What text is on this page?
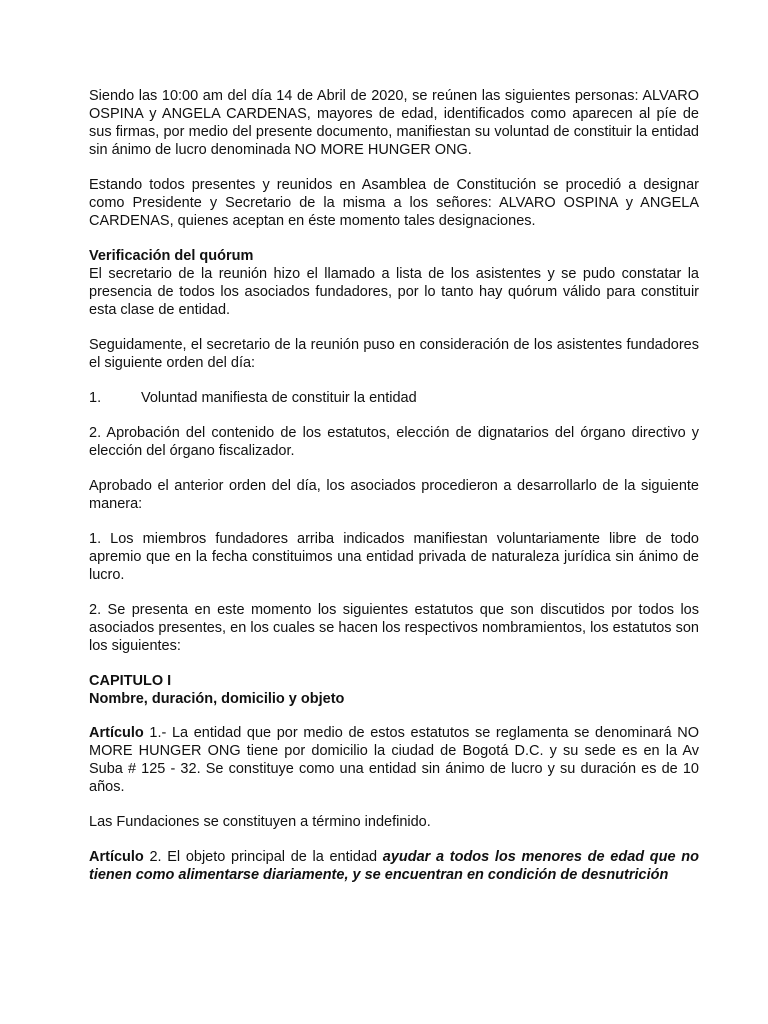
Siendo las 10:00 am del día 14 de Abril de 2020, se reúnen las siguientes personas: ALVARO OSPINA y ANGELA CARDENAS, mayores de edad, identificados como aparecen al píe de sus firmas, por medio del presente documento, manifiestan su voluntad de constituir la entidad sin ánimo de lucro denominada NO MORE HUNGER ONG.

Estando todos presentes y reunidos en Asamblea de Constitución se procedió a designar como Presidente y Secretario de la misma a los señores: ALVARO OSPINA y ANGELA CARDENAS, quienes aceptan en éste momento tales designaciones.

Verificación del quórum
El secretario de la reunión hizo el llamado a lista de los asistentes y se pudo constatar la presencia de todos los asociados fundadores, por lo tanto hay quórum válido para constituir esta clase de entidad.

Seguidamente, el secretario de la reunión puso en consideración de los asistentes fundadores el siguiente orden del día:

1.	Voluntad manifiesta de constituir la entidad

2. Aprobación del contenido de los estatutos, elección de dignatarios del órgano directivo y elección del órgano fiscalizador.

Aprobado el anterior orden del día, los asociados procedieron a desarrollarlo de la siguiente manera:

1. Los miembros fundadores arriba indicados manifiestan voluntariamente libre de todo apremio que en la fecha constituimos una entidad privada de naturaleza jurídica sin ánimo de lucro.

2. Se presenta en este momento los siguientes estatutos que son discutidos por todos los asociados presentes, en los cuales se hacen los respectivos nombramientos, los estatutos son los siguientes:

CAPITULO I
Nombre, duración, domicilio y objeto

Artículo 1.- La entidad que por medio de estos estatutos se reglamenta se denominará NO MORE HUNGER ONG tiene por domicilio la ciudad de Bogotá D.C. y su sede es en la Av Suba # 125 - 32. Se constituye como una entidad sin ánimo de lucro y su duración es de 10 años.

Las Fundaciones se constituyen a término indefinido.

Artículo 2. El objeto principal de la entidad ayudar a todos los menores de edad que no tienen como alimentarse diariamente, y se encuentran en condición de desnutrición
